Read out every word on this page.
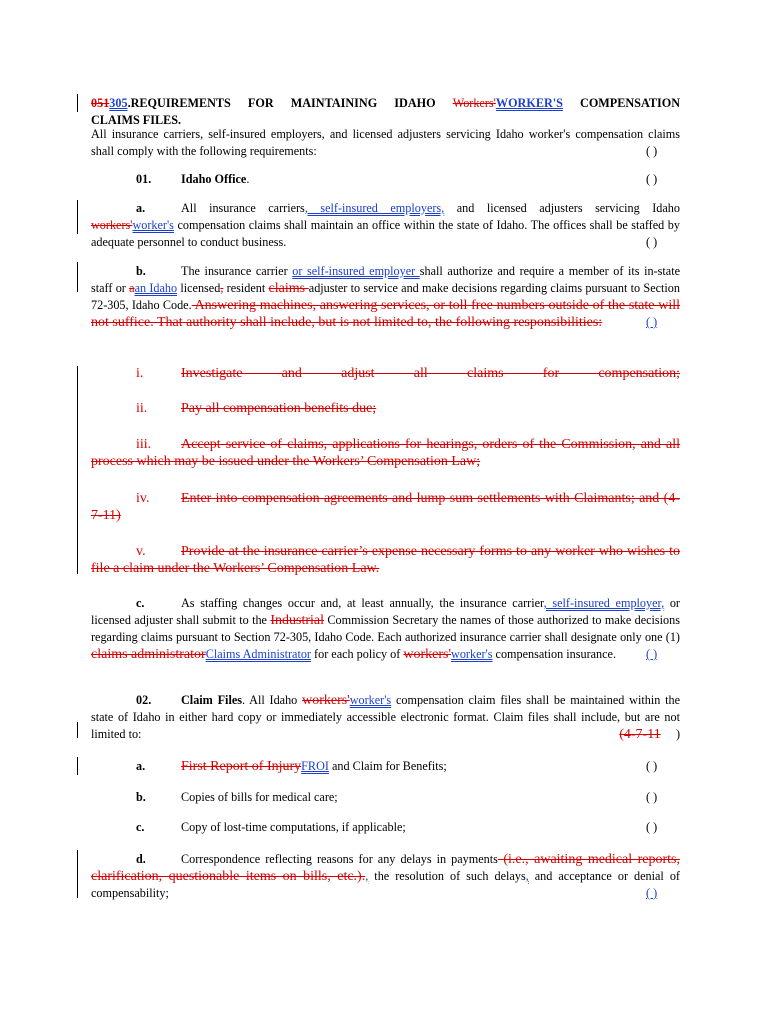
051305.REQUIREMENTS FOR MAINTAINING IDAHO Workers'WORKER'S COMPENSATION
CLAIMS FILES.
All insurance carriers, self-insured employers, and licensed adjusters servicing Idaho worker's compensation claims shall comply with the following requirements:	( )
01. Idaho Office.	( )
a.	All insurance carriers, self-insured employers, and licensed adjusters servicing Idaho workers'worker's compensation claims shall maintain an office within the state of Idaho. The offices shall be staffed by adequate personnel to conduct business.	( )
b.	The insurance carrier or self-insured employer shall authorize and require a member of its in-state staff or aan Idaho licensed, resident claims adjuster to service and make decisions regarding claims pursuant to Section 72-305, Idaho Code. Answering machines, answering services, or toll free numbers outside of the state will not suffice. That authority shall include, but is not limited to, the following responsibilities:	( )
i.	Investigate and adjust all claims for compensation;
ii. Pay all compensation benefits due;
iii. Accept service of claims, applications for hearings, orders of the Commission, and all process which may be issued under the Workers’ Compensation Law;
iv. Enter into compensation agreements and lump sum settlements with Claimants; and (4-7-11)
v.	Provide at the insurance carrier’s expense necessary forms to any worker who wishes to file a claim under the Workers’ Compensation Law.
c.	As staffing changes occur and, at least annually, the insurance carrier, self-insured employer, or licensed adjuster shall submit to the Industrial Commission Secretary the names of those authorized to make decisions regarding claims pursuant to Section 72-305, Idaho Code. Each authorized insurance carrier shall designate only one (1) claims administratorClaims Administrator for each policy of workers'worker's compensation insurance. ( )
02. Claim Files. All Idaho workers'worker's compensation claim files shall be maintained within the state of Idaho in either hard copy or immediately accessible electronic format. Claim files shall include, but are not limited to:	(4-7-11 )
a.	First Report of InjuryFROI and Claim for Benefits;	( )
b.	Copies of bills for medical care;	( )
c.	Copy of lost-time computations, if applicable;	( )
d.	Correspondence reflecting reasons for any delays in payments (i.e., awaiting medical reports, clarification, questionable items on bills, etc.)., the resolution of such delays, and acceptance or denial of compensability;	( )
